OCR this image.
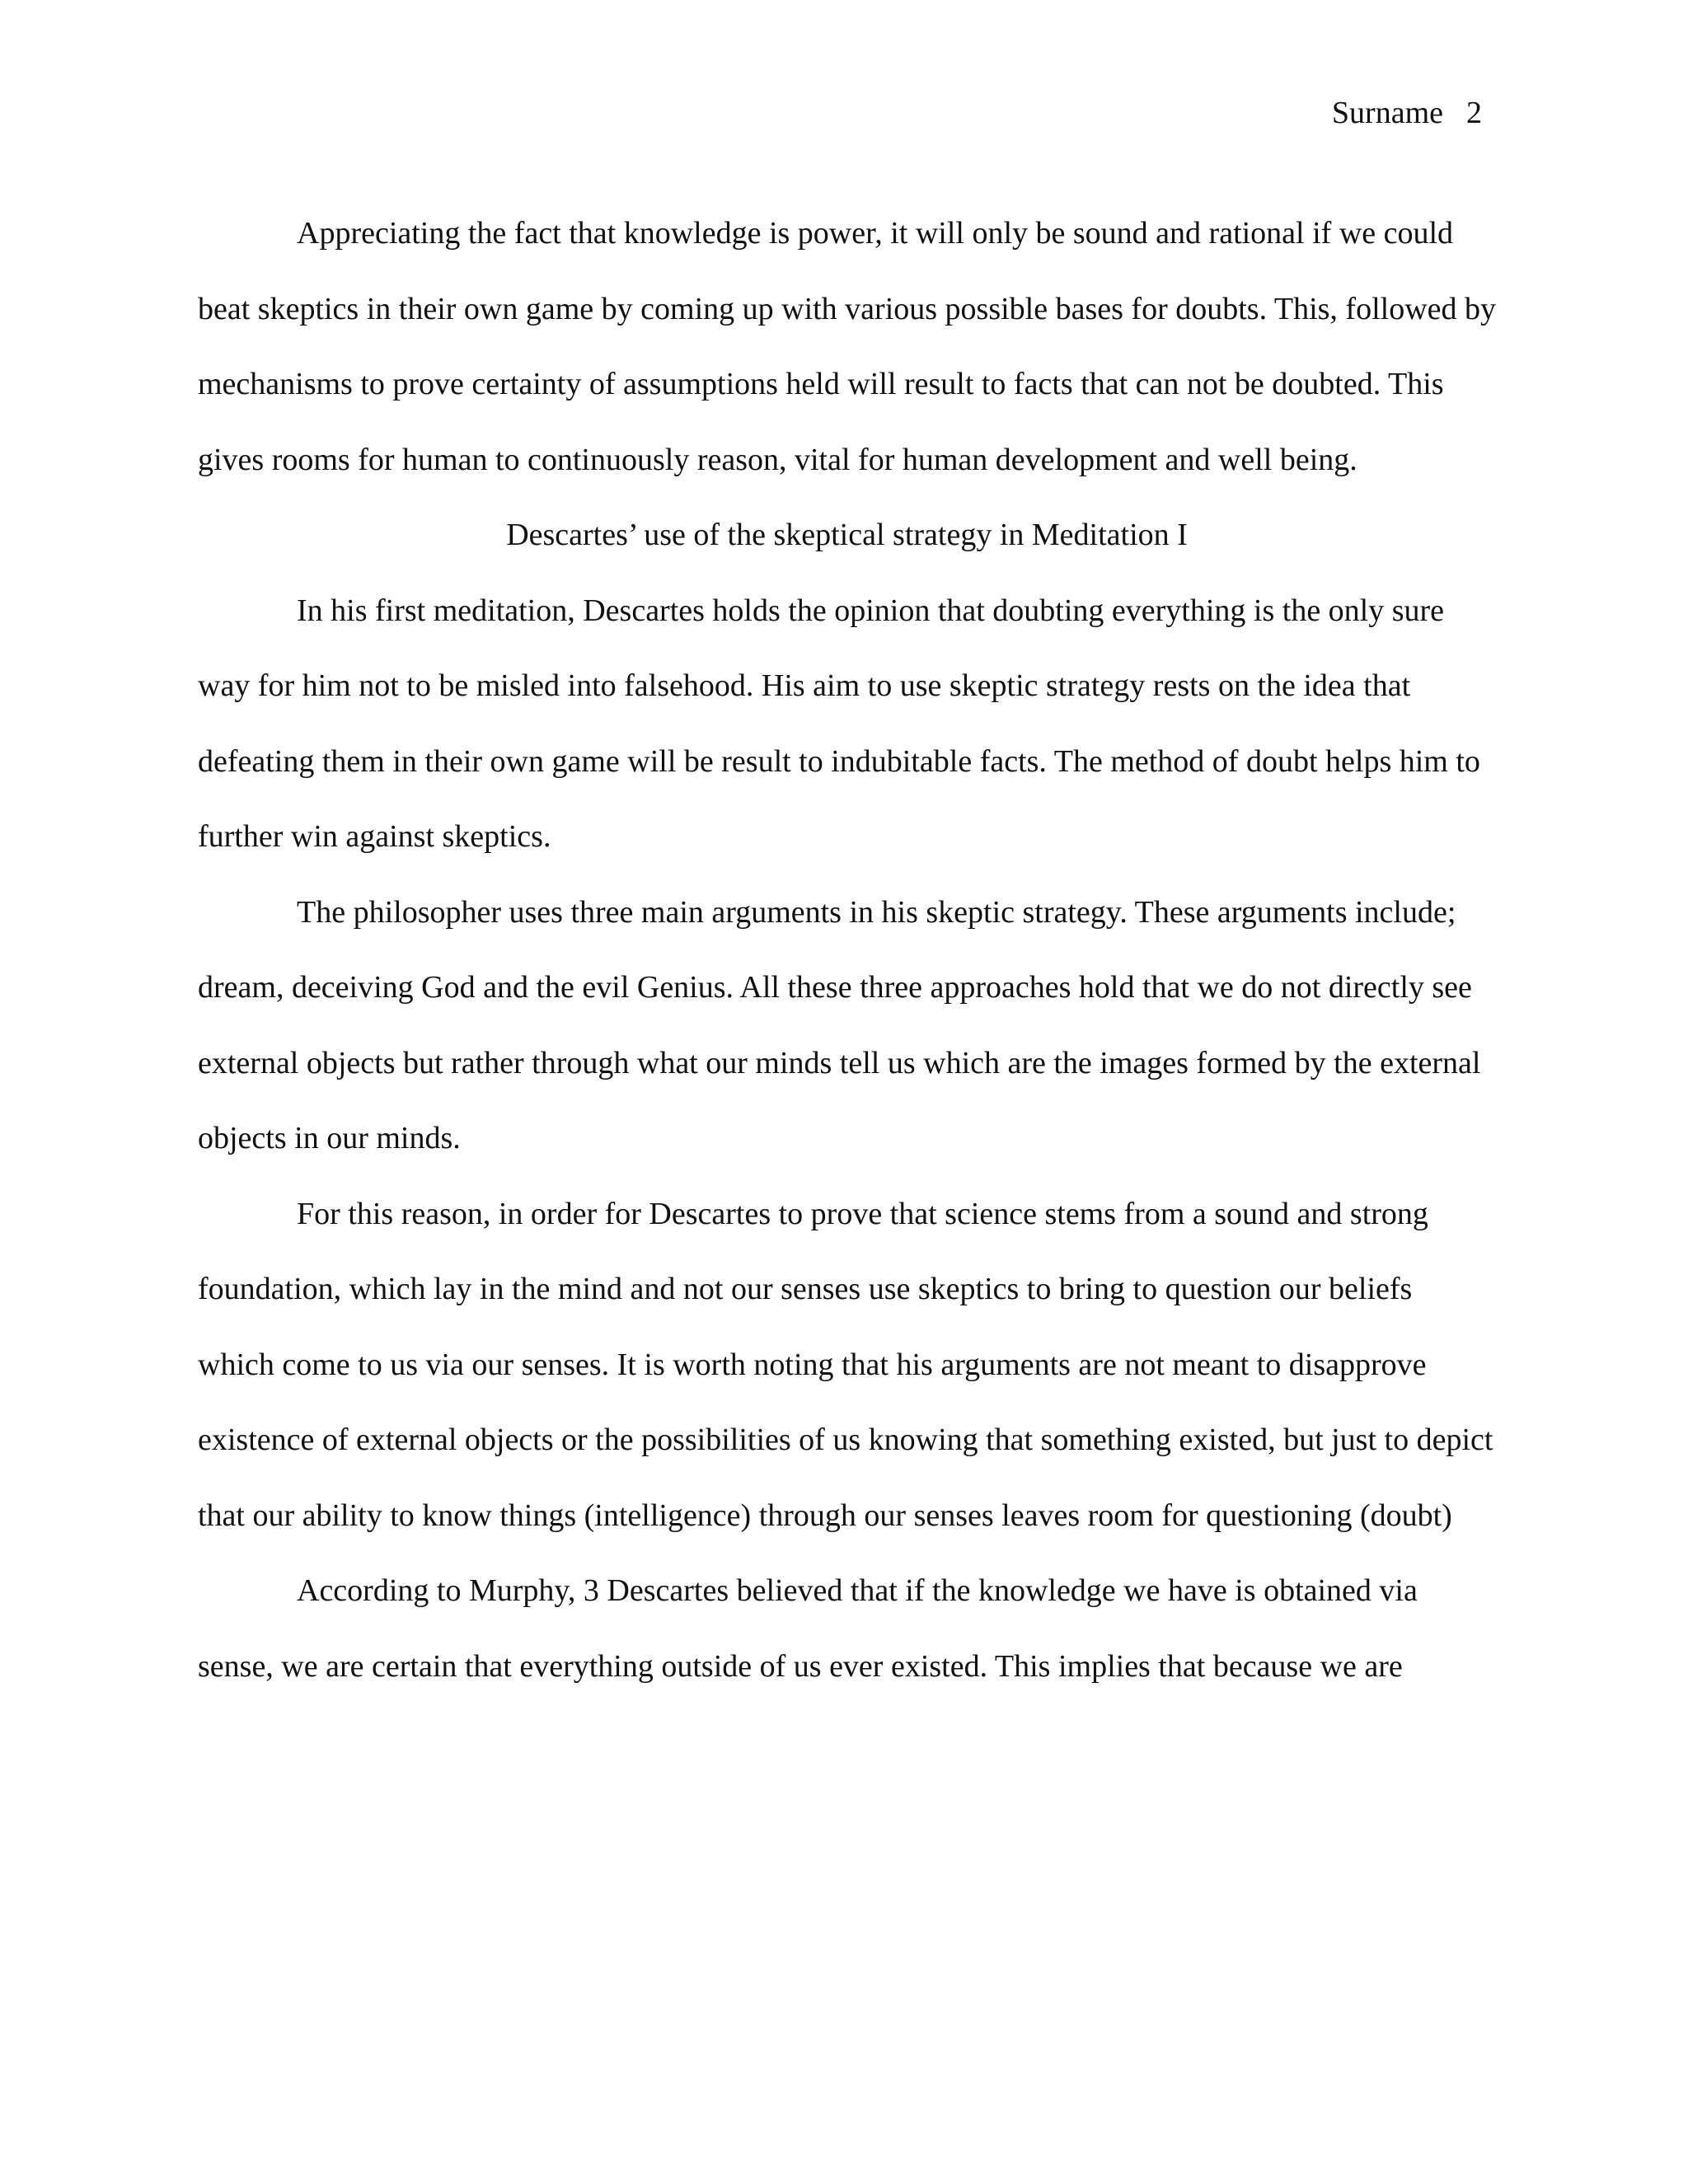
Surname 2

Appreciating the fact that knowledge is power, it will only be sound and rational if we could beat skeptics in their own game by coming up with various possible bases for doubts. This, followed by mechanisms to prove certainty of assumptions held will result to facts that can not be doubted. This gives rooms for human to continuously reason, vital for human development and well being.

Descartes’ use of the skeptical strategy in Meditation I

In his first meditation, Descartes holds the opinion that doubting everything is the only sure way for him not to be misled into falsehood. His aim to use skeptic strategy rests on the idea that defeating them in their own game will be result to indubitable facts. The method of doubt helps him to further win against skeptics.

The philosopher uses three main arguments in his skeptic strategy. These arguments include; dream, deceiving God and the evil Genius. All these three approaches hold that we do not directly see external objects but rather through what our minds tell us which are the images formed by the external objects in our minds.

For this reason, in order for Descartes to prove that science stems from a sound and strong foundation, which lay in the mind and not our senses use skeptics to bring to question our beliefs which come to us via our senses. It is worth noting that his arguments are not meant to disapprove existence of external objects or the possibilities of us knowing that something existed, but just to depict that our ability to know things (intelligence) through our senses leaves room for questioning (doubt)

According to Murphy, 3 Descartes believed that if the knowledge we have is obtained via sense, we are certain that everything outside of us ever existed. This implies that because we are
